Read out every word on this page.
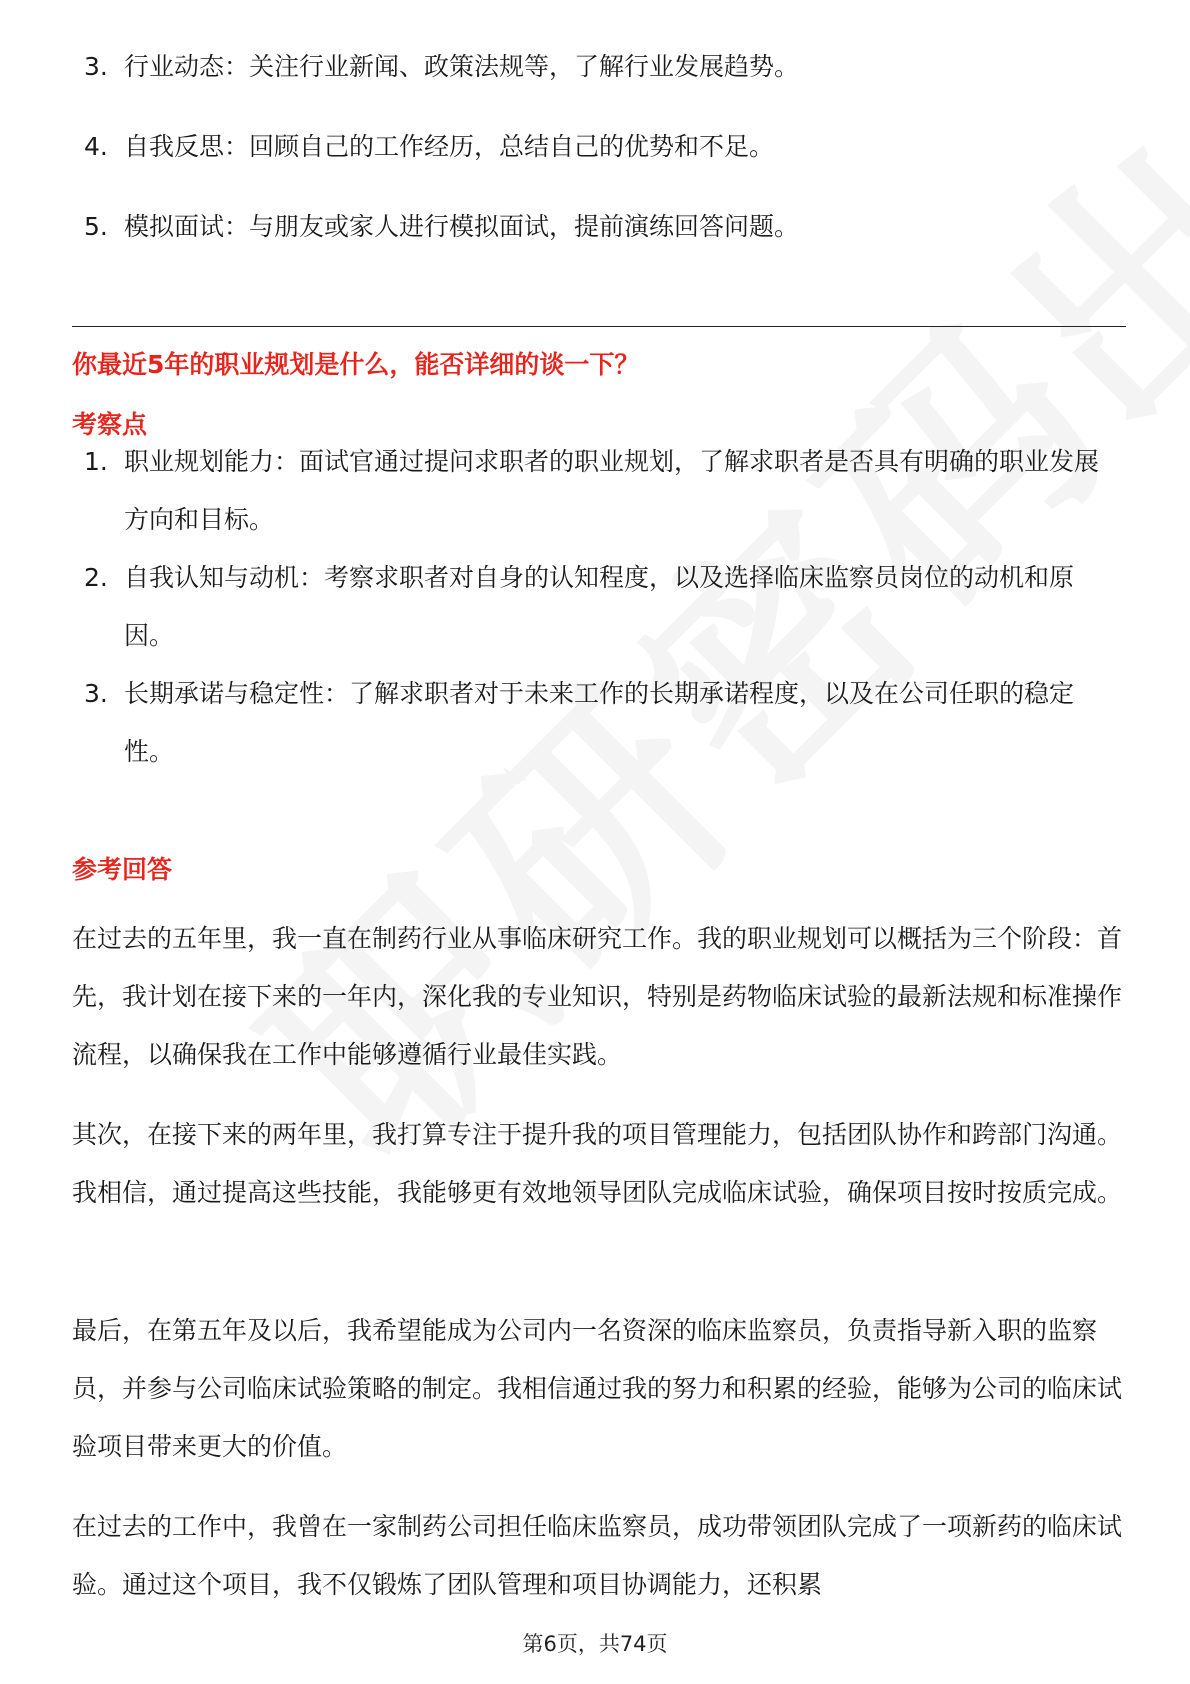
3. 行业动态：关注行业新闻、政策法规等，了解行业发展趋势。
4. 自我反思：回顾自己的工作经历，总结自己的优势和不足。
5. 模拟面试：与朋友或家人进行模拟面试，提前演练回答问题。
你最近5年的职业规划是什么，能否详细的谈一下？
考察点
1. 职业规划能力：面试官通过提问求职者的职业规划，了解求职者是否具有明确的职业发展方向和目标。
2. 自我认知与动机：考察求职者对自身的认知程度，以及选择临床监察员岗位的动机和原因。
3. 长期承诺与稳定性：了解求职者对于未来工作的长期承诺程度，以及在公司任职的稳定性。
参考回答
在过去的五年里，我一直在制药行业从事临床研究工作。我的职业规划可以概括为三个阶段：首先，我计划在接下来的一年内，深化我的专业知识，特别是药物临床试验的最新法规和标准操作流程，以确保我在工作中能够遵循行业最佳实践。
其次，在接下来的两年里，我打算专注于提升我的项目管理能力，包括团队协作和跨部门沟通。我相信，通过提高这些技能，我能够更有效地领导团队完成临床试验，确保项目按时按质完成。
最后，在第五年及以后，我希望能成为公司内一名资深的临床监察员，负责指导新入职的监察员，并参与公司临床试验策略的制定。我相信通过我的努力和积累的经验，能够为公司的临床试验项目带来更大的价值。
在过去的工作中，我曾在一家制药公司担任临床监察员，成功带领团队完成了一项新药的临床试验。通过这个项目，我不仅锻炼了团队管理和项目协调能力，还积累
第6页，共74页
